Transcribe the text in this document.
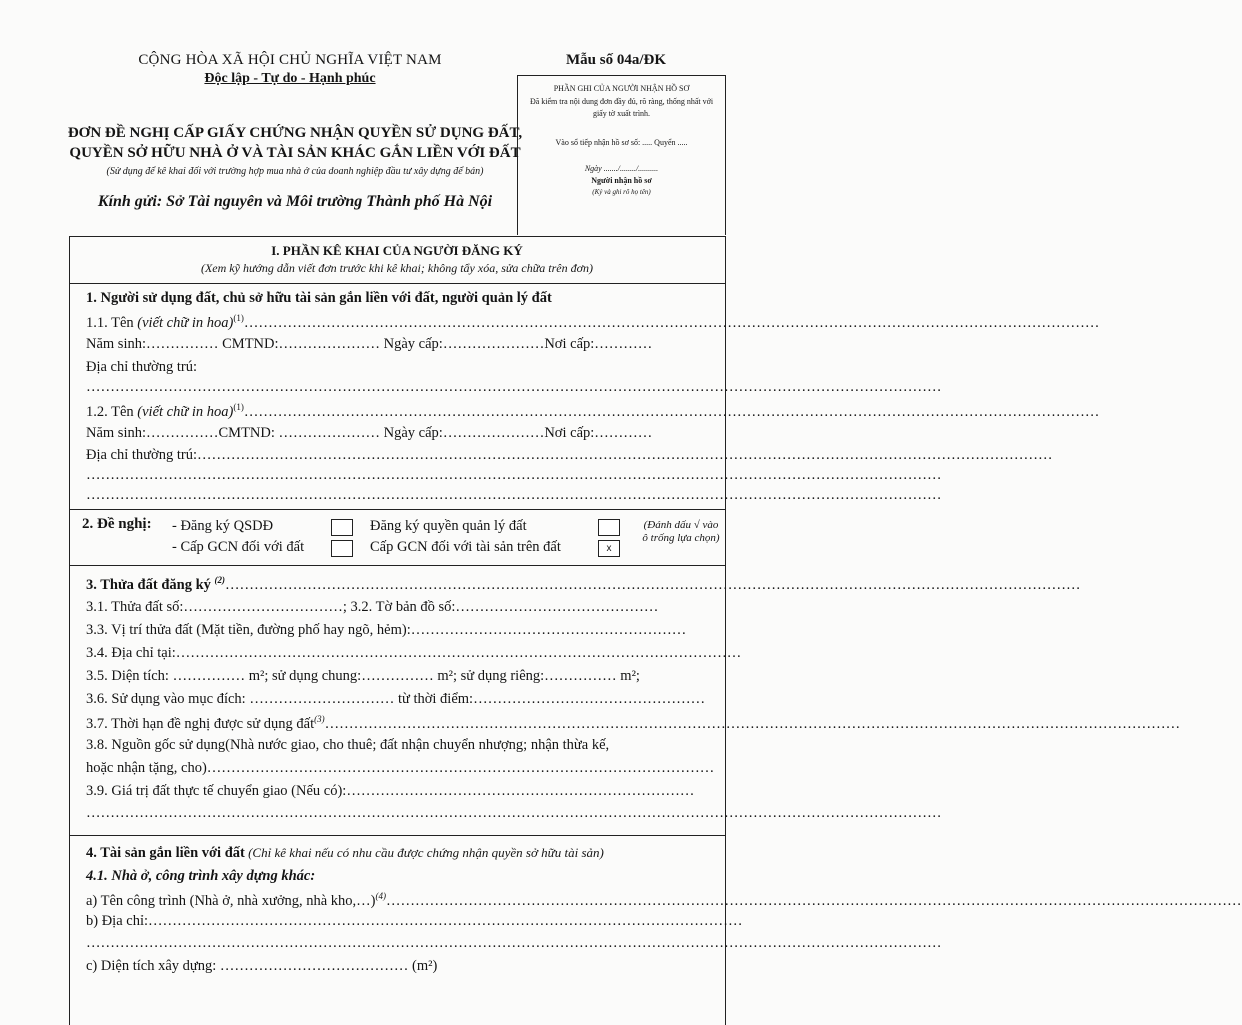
CỘNG HÒA XÃ HỘI CHỦ NGHĨA VIỆT NAM
Độc lập - Tự do - Hạnh phúc
Mẫu số 04a/ĐK
ĐƠN ĐỀ NGHỊ CẤP GIẤY CHỨNG NHẬN QUYỀN SỬ DỤNG ĐẤT,
QUYỀN SỞ HỮU NHÀ Ở VÀ TÀI SẢN KHÁC GẮN LIỀN VỚI ĐẤT
(Sử dụng để kê khai đối với trường hợp mua nhà ở của doanh nghiệp đầu tư xây dựng để bán)
Kính gửi: Sở Tài nguyên và Môi trường Thành phố Hà Nội
PHẦN GHI CỦA NGƯỜI NHẬN HỒ SƠ
Đã kiểm tra nội dung đơn đầy đủ, rõ ràng, thống nhất với giấy tờ xuất trình.
Vào sổ tiếp nhận hồ sơ số: ..... Quyển .....
Ngày ......./......../..........
Người nhận hồ sơ
(Ký và ghi rõ họ tên)
I. PHẦN KÊ KHAI CỦA NGƯỜI ĐĂNG KÝ
(Xem kỹ hướng dẫn viết đơn trước khi kê khai; không tẩy xóa, sửa chữa trên đơn)
1. Người sử dụng đất, chủ sở hữu tài sản gắn liền với đất, người quản lý đất
1.1. Tên (viết chữ in hoa)$^{(1)}$……………………………………………………………………………………………………………………………………………………………
Năm sinh:…………… CMTND:………………… Ngày cấp:…………………Nơi cấp:…………
Địa chỉ thường trú:
……………………………………………………………………………………………………………………………………………………………
1.2. Tên (viết chữ in hoa)$^{(1)}$……………………………………………………………………………………………………………………………………………………………
Năm sinh:……………CMTND: ………………… Ngày cấp:…………………Nơi cấp:…………
Địa chỉ thường trú:……………………………………………………………………………………………………………………………………………………………
……………………………………………………………………………………………………………………………………………………………
……………………………………………………………………………………………………………………………………………………………
2. Đề nghị: - Đăng ký QSDĐ	Đăng ký quyền quản lý đất
- Cấp GCN đối với đất	Cấp GCN đối với tài sản trên đất	x
(Đánh dấu √ vào ô trống lựa chọn)
3. Thửa đất đăng ký $^{(2)}$……………………………………………………………………………………………………………………………………………………………
3.1. Thửa đất số:……………………………; 3.2. Tờ bản đồ số:……………………………………
3.3. Vị trí thửa đất (Mặt tiền, đường phố hay ngõ, hẻm):…………………………………………………
3.4. Địa chỉ tại:………………………………………………………………………………………………………
3.5. Diện tích: …………… m²; sử dụng chung:…………… m²; sử dụng riêng:…………… m²;
3.6. Sử dụng vào mục đích: ………………………… từ thời điểm:…………………………………………
3.7. Thời hạn đề nghị được sử dụng đất$^{(3)}$……………………………………………………………………………………………………………………………………………………………
3.8. Nguồn gốc sử dụng(Nhà nước giao, cho thuê; đất nhận chuyển nhượng; nhận thừa kế,
hoặc nhận tặng, cho)……………………………………………………………………………………………
3.9. Giá trị đất thực tế chuyển giao (Nếu có):………………………………………………………………
……………………………………………………………………………………………………………………………………………………………
4. Tài sản gắn liền với đất (Chỉ kê khai nếu có nhu cầu được chứng nhận quyền sở hữu tài sản)
4.1. Nhà ở, công trình xây dựng khác:
a) Tên công trình (Nhà ở, nhà xưởng, nhà kho,…)$^{(4)}$……………………………………………………………………………………………………………………………………………………………
b) Địa chỉ:……………………………………………………………………………………………………………
……………………………………………………………………………………………………………………………………………………………
c) Diện tích xây dựng: ………………………………… (m²)
